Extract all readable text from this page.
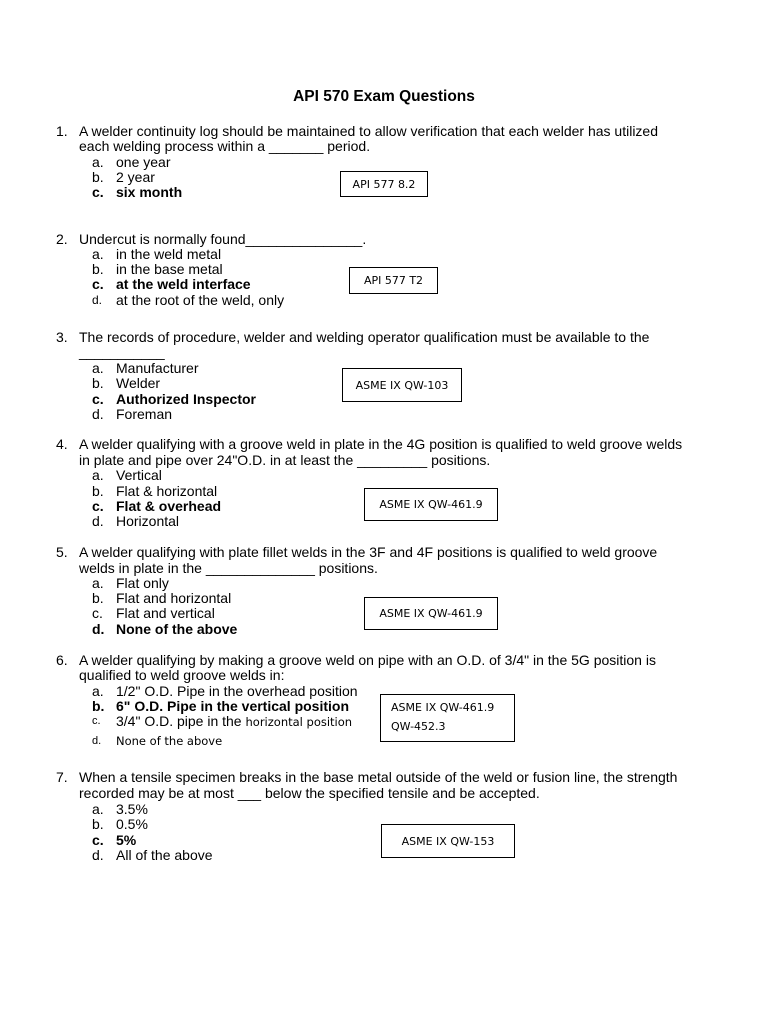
API 570 Exam Questions
1. A welder continuity log should be maintained to allow verification that each welder has utilized
each welding process within a _______ period.
a. one year
b. 2 year
c. six month	API 577 8.2
2. Undercut is normally found_______________.
a. in the weld metal
b. in the base metal
c. at the weld interface
d. at the root of the weld, only
API 577 T2
3. The records of procedure, welder and welding operator qualification must be available to the
___________
a. Manufacturer
b. Welder
c. Authorized Inspector
d. Foreman
ASME IX QW-103
4. A welder qualifying with a groove weld in plate in the 4G position is qualified to weld groove welds
in plate and pipe over 24"O.D. in at least the _________ positions.
a. Vertical
b. Flat & horizontal
c. Flat & overhead
d. Horizontal
ASME IX QW-461.9
5. A welder qualifying with plate fillet welds in the 3F and 4F positions is qualified to weld groove
welds in plate in the ______________ positions.
a. Flat only
b. Flat and horizontal
c. Flat and vertical
d. None of the above
ASME IX QW-461.9
6. A welder qualifying by making a groove weld on pipe with an O.D. of 3/4" in the 5G position is
qualified to weld groove welds in:
a. 1/2" O.D. Pipe in the overhead position
b. 6" O.D. Pipe in the vertical position
c. 3/4" O.D. pipe in the horizontal position
d. None of the above
ASME IX QW-461.9
QW-452.3
7. When a tensile specimen breaks in the base metal outside of the weld or fusion line, the strength
recorded may be at most ___ below the specified tensile and be accepted.
a. 3.5%
b. 0.5%
c. 5%
d. All of the above
ASME IX QW-153
